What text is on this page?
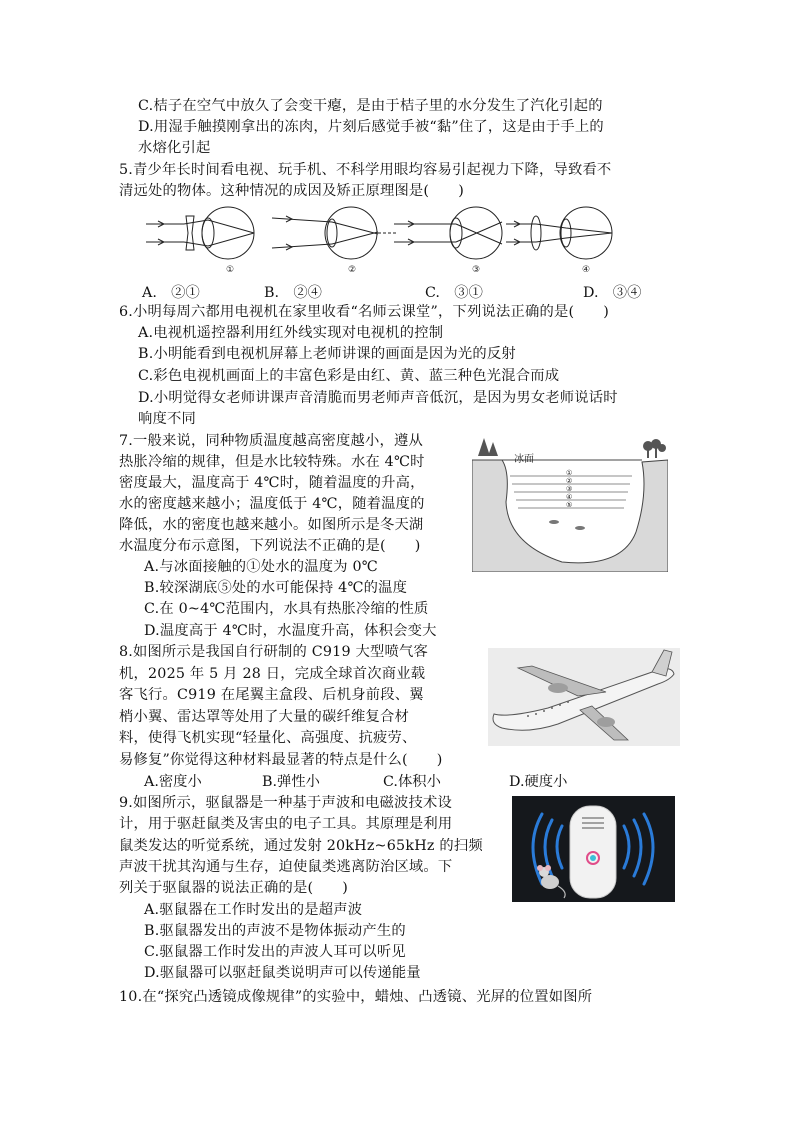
C.桔子在空气中放久了会变干瘪，是由于桔子里的水分发生了汽化引起的
D.用湿手触摸刚拿出的冻肉，片刻后感觉手被“黏”住了，这是由于手上的
水熔化引起
5.青少年长时间看电视、玩手机、不科学用眼均容易引起视力下降，导致看不
清远处的物体。这种情况的成因及矫正原理图是(　　)
①	②	③	④
A.　②①	B.　②④	C.　③①	D.　③④
6.小明每周六都用电视机在家里收看“名师云课堂”，下列说法正确的是(　　)
A.电视机遥控器利用红外线实现对电视机的控制
B.小明能看到电视机屏幕上老师讲课的画面是因为光的反射
C.彩色电视机画面上的丰富色彩是由红、黄、蓝三种色光混合而成
D.小明觉得女老师讲课声音清脆而男老师声音低沉，是因为男女老师说话时
响度不同
7.一般来说，同种物质温度越高密度越小，遵从
热胀冷缩的规律，但是水比较特殊。水在 4℃时
密度最大，温度高于 4℃时，随着温度的升高，
水的密度越来越小；温度低于 4℃，随着温度的
降低，水的密度也越来越小。如图所示是冬天湖
水温度分布示意图，下列说法不正确的是(　　)
A.与冰面接触的①处水的温度为 0℃
B.较深湖底⑤处的水可能保持 4℃的温度
C.在 0~4℃范围内，水具有热胀冷缩的性质
D.温度高于 4℃时，水温度升高，体积会变大
冰面
①
②
③
④
⑤
8.如图所示是我国自行研制的 C919 大型喷气客
机，2025 年 5 月 28 日，完成全球首次商业载
客飞行。C919 在尾翼主盒段、后机身前段、翼
梢小翼、雷达罩等处用了大量的碳纤维复合材
料，使得飞机实现“轻量化、高强度、抗疲劳、
易修复”你觉得这种材料最显著的特点是什么(　　)
A.密度小	B.弹性小	C.体积小	D.硬度小
9.如图所示，驱鼠器是一种基于声波和电磁波技术设
计，用于驱赶鼠类及害虫的电子工具。其原理是利用
鼠类发达的听觉系统，通过发射 20kHz~65kHz 的扫频
声波干扰其沟通与生存，迫使鼠类逃离防治区域。下
列关于驱鼠器的说法正确的是(　　)
A.驱鼠器在工作时发出的是超声波
B.驱鼠器发出的声波不是物体振动产生的
C.驱鼠器工作时发出的声波人耳可以听见
D.驱鼠器可以驱赶鼠类说明声可以传递能量
10.在“探究凸透镜成像规律”的实验中，蜡烛、凸透镜、光屏的位置如图所
